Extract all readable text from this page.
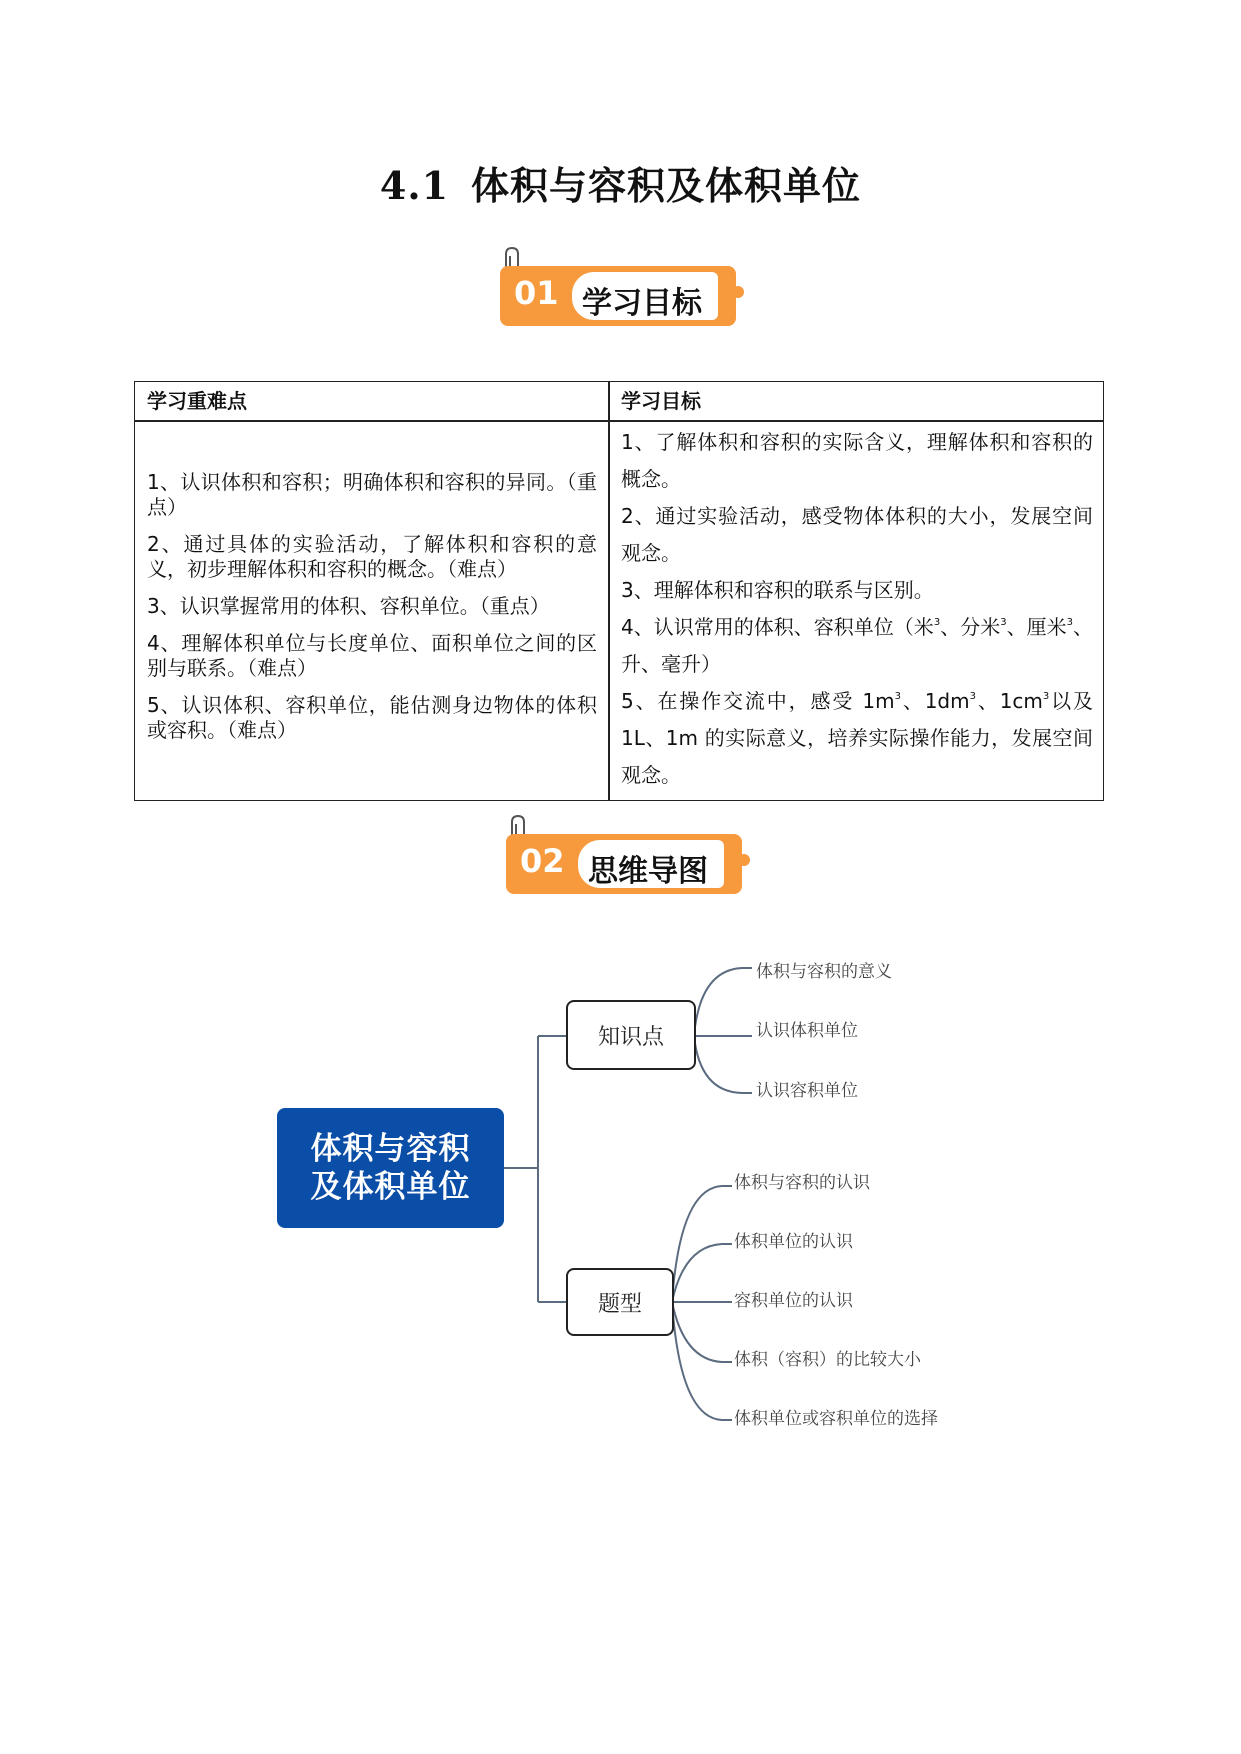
4.1 体积与容积及体积单位
01 学习目标
学习重难点	学习目标
1、认识体积和容积；明确体积和容积的异同。（重点）
2、通过具体的实验活动，了解体积和容积的意义，初步理解体积和容积的概念。（难点）
3、认识掌握常用的体积、容积单位。（重点）
4、理解体积单位与长度单位、面积单位之间的区别与联系。（难点）
5、认识体积、容积单位，能估测身边物体的体积或容积。（难点）
1、了解体积和容积的实际含义，理解体积和容积的概念。
2、通过实验活动，感受物体体积的大小，发展空间观念。
3、理解体积和容积的联系与区别。
4、认识常用的体积、容积单位（米$^3$、分米$^3$、厘米$^3$、升、毫升）
5、在操作交流中，感受 $1m^3$、$1dm^3$、$1cm^3$以及 1L、1m 的实际意义，培养实际操作能力，发展空间观念。
02 思维导图
体积与容积
及体积单位
知识点
题型
体积与容积的意义
认识体积单位
认识容积单位
体积与容积的认识
体积单位的认识
容积单位的认识
体积（容积）的比较大小
体积单位或容积单位的选择
